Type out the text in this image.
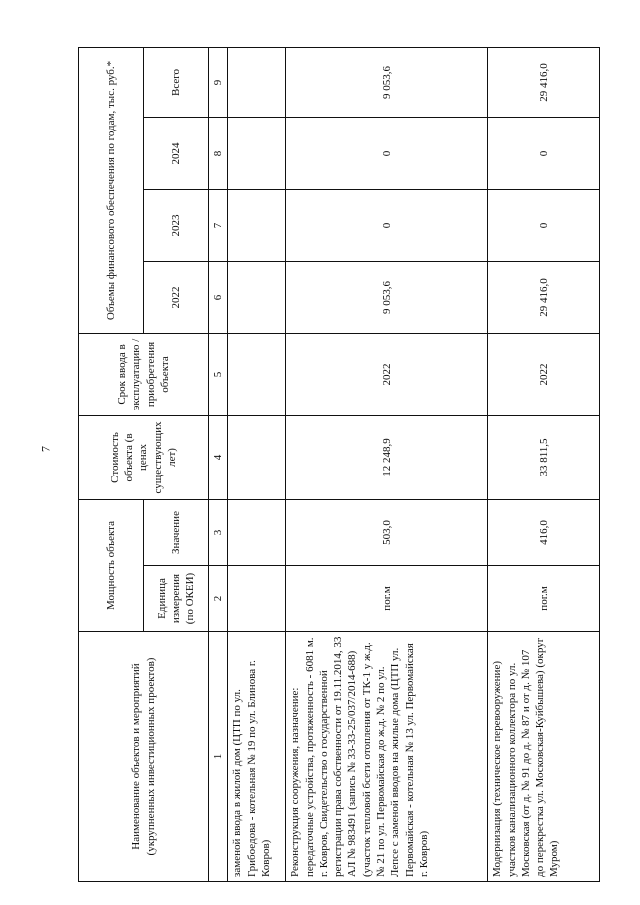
7
Наименование объектов и мероприятий (укрупненных инвестиционных проектов)	Мощность объекта		Стоимость объекта (в ценах существующих лет)	Срок ввода в эксплуатацию / приобретения объекта	Объемы финансового обеспечения по годам, тыс. руб.*			
	Единица измерения (по ОКЕИ)	Значение			2022	2023	2024	Всего
1	2	3	4	5	6	7	8	9
заменой ввода в жилой дом (ЦТП по ул. Грибоедова - котельная № 19 по ул. Блинова г. Ковров)								
Реконструкция сооружения, назначение: передаточные устройства, протяженность - 6081 м. г. Ковров, Свидетельство о государственной регистрации права собственности от 19.11.2014, 33 АЛ № 983491 (запись № 33-33-25/037/2014-688) (участок тепловой бсети отопления от ТК-1 у ж.д. № 21 по ул. Первомайская до ж.д. № 2 по ул. Лепсе с заменой вводов на жилые дома (ЦТП ул. Первомайская - котельная № 13 ул. Первомайская г. Ковров)	пог.м	503,0	12 248,9	2022	9 053,6	0	0	9 053,6
Модернизация (техническое перевооружение) участков канализационного коллектора по ул. Московская (от д. № 91 до д. № 87 и от д. № 107 до перекрестка ул. Московская-Куйбышева) (округ Муром)	пог.м	416,0	33 811,5	2022	29 416,0	0	0	29 416,0
